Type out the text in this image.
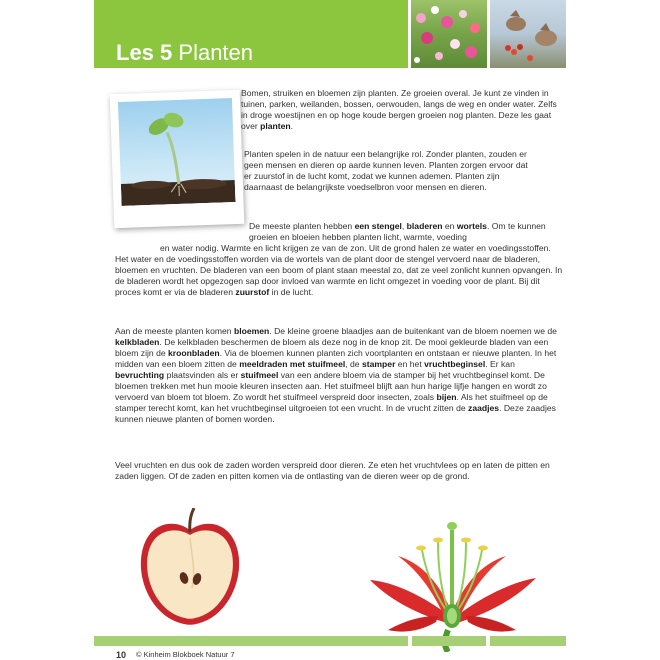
Les 5 Planten

Bomen, struiken en bloemen zijn planten. Ze groeien overal. Je kunt ze vinden in tuinen, parken, weilanden, bossen, oerwouden, langs de weg en onder water. Zelfs in droge woestijnen en op hoge koude bergen groeien nog planten. Deze les gaat over planten.

Planten spelen in de natuur een belangrijke rol. Zonder planten, zouden er geen mensen en dieren op aarde kunnen leven. Planten zorgen ervoor dat er zuurstof in de lucht komt, zodat we kunnen ademen. Planten zijn daarnaast de belangrijkste voedselbron voor mensen en dieren.

De meeste planten hebben een stengel, bladeren en wortels. Om te kunnen groeien en bloeien hebben planten licht, warmte, voeding

en water nodig. Warmte en licht krijgen ze van de zon. Uit de grond halen ze water en voedingsstoffen. Het water en de voedingsstoffen worden via de wortels van de plant door de stengel vervoerd naar de bladeren, bloemen en vruchten. De bladeren van een boom of plant staan meestal zo, dat ze veel zonlicht kunnen opvangen. In de bladeren wordt het opgezogen sap door invloed van warmte en licht omgezet in voeding voor de plant. Bij dit proces komt er via de bladeren zuurstof in de lucht.

Aan de meeste planten komen bloemen. De kleine groene blaadjes aan de buitenkant van de bloem noemen we de kelkbladen. De kelkbladen beschermen de bloem als deze nog in de knop zit. De mooi gekleurde bladen van een bloem zijn de kroonbladen. Via de bloemen kunnen planten zich voortplanten en ontstaan er nieuwe planten. In het midden van een bloem zitten de meeldraden met stuifmeel, de stamper en het vruchtbeginsel. Er kan bevruchting plaatsvinden als er stuifmeel van een andere bloem via de stamper bij het vruchtbeginsel komt. De bloemen trekken met hun mooie kleuren insecten aan. Het stuifmeel blijft aan hun harige lijfje hangen en wordt zo vervoerd van bloem tot bloem. Zo wordt het stuifmeel verspreid door insecten, zoals bijen. Als het stuifmeel op de stamper terecht komt, kan het vruchtbeginsel uitgroeien tot een vrucht. In de vrucht zitten de zaadjes. Deze zaadjes kunnen nieuwe planten of bomen worden.

Veel vruchten en dus ook de zaden worden verspreid door dieren. Ze eten het vruchtvlees op en laten de pitten en zaden liggen. Of de zaden en pitten komen via de ontlasting van de dieren weer op de grond.

10 © Kinheim Blokboek Natuur 7
